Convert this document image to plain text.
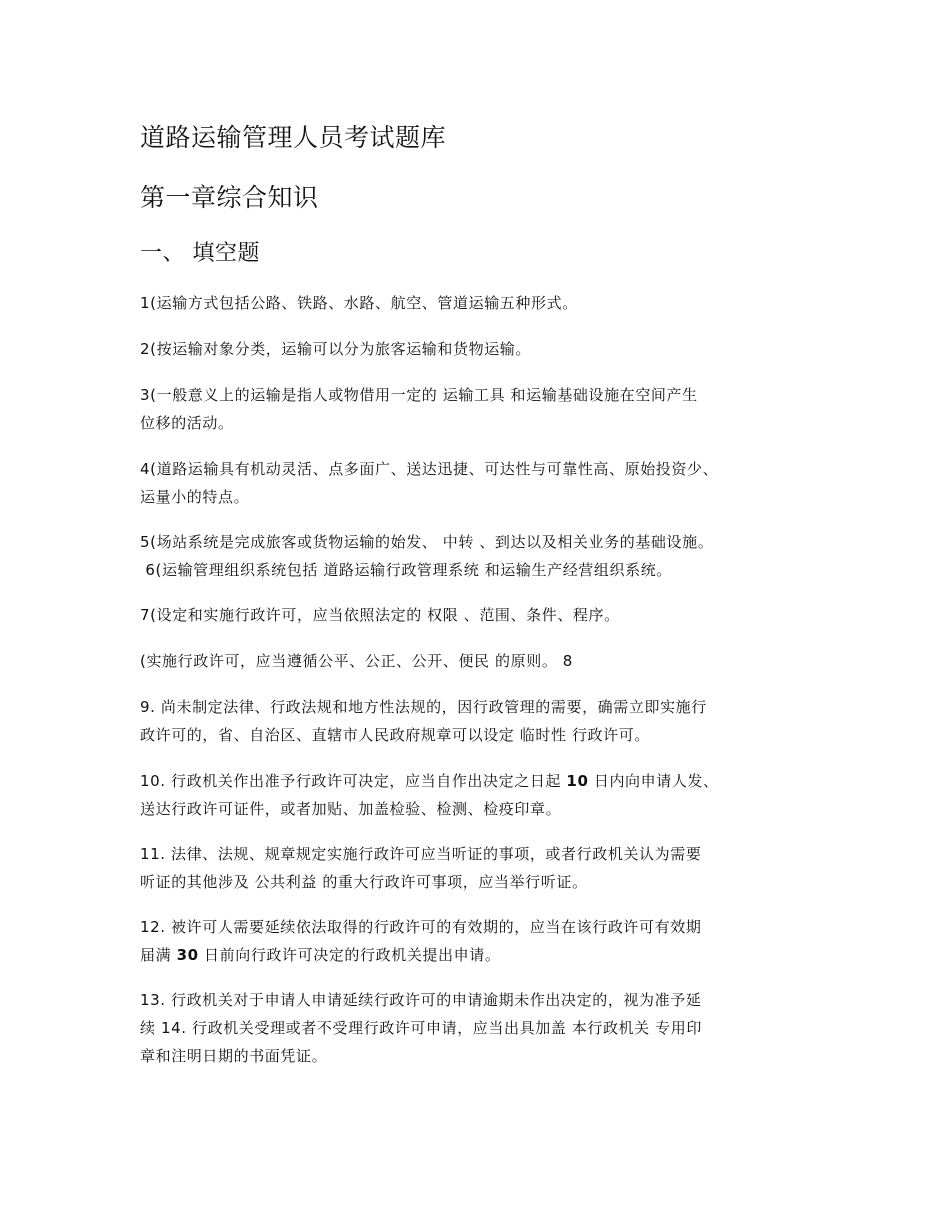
道路运输管理人员考试题库
第一章综合知识
一、 填空题
1(运输方式包括公路、铁路、水路、航空、管道运输五种形式。
2(按运输对象分类，运输可以分为旅客运输和货物运输。
3(一般意义上的运输是指人或物借用一定的 运输工具 和运输基础设施在空间产生
位移的活动。
4(道路运输具有机动灵活、点多面广、送达迅捷、可达性与可靠性高、原始投资少、
运量小的特点。
5(场站系统是完成旅客或货物运输的始发、 中转 、到达以及相关业务的基础设施。
6(运输管理组织系统包括 道路运输行政管理系统 和运输生产经营组织系统。
7(设定和实施行政许可，应当依照法定的 权限 、范围、条件、程序。
(实施行政许可，应当遵循公平、公正、公开、便民 的原则。 8
9. 尚未制定法律、行政法规和地方性法规的，因行政管理的需要，确需立即实施行
政许可的，省、自治区、直辖市人民政府规章可以设定 临时性 行政许可。
10. 行政机关作出准予行政许可决定，应当自作出决定之日起 10 日内向申请人发、
送达行政许可证件，或者加贴、加盖检验、检测、检疫印章。
11. 法律、法规、规章规定实施行政许可应当听证的事项，或者行政机关认为需要
听证的其他涉及 公共利益 的重大行政许可事项，应当举行听证。
12. 被许可人需要延续依法取得的行政许可的有效期的，应当在该行政许可有效期
届满 30 日前向行政许可决定的行政机关提出申请。
13. 行政机关对于申请人申请延续行政许可的申请逾期未作出决定的，视为准予延
续 14. 行政机关受理或者不受理行政许可申请，应当出具加盖 本行政机关 专用印
章和注明日期的书面凭证。
